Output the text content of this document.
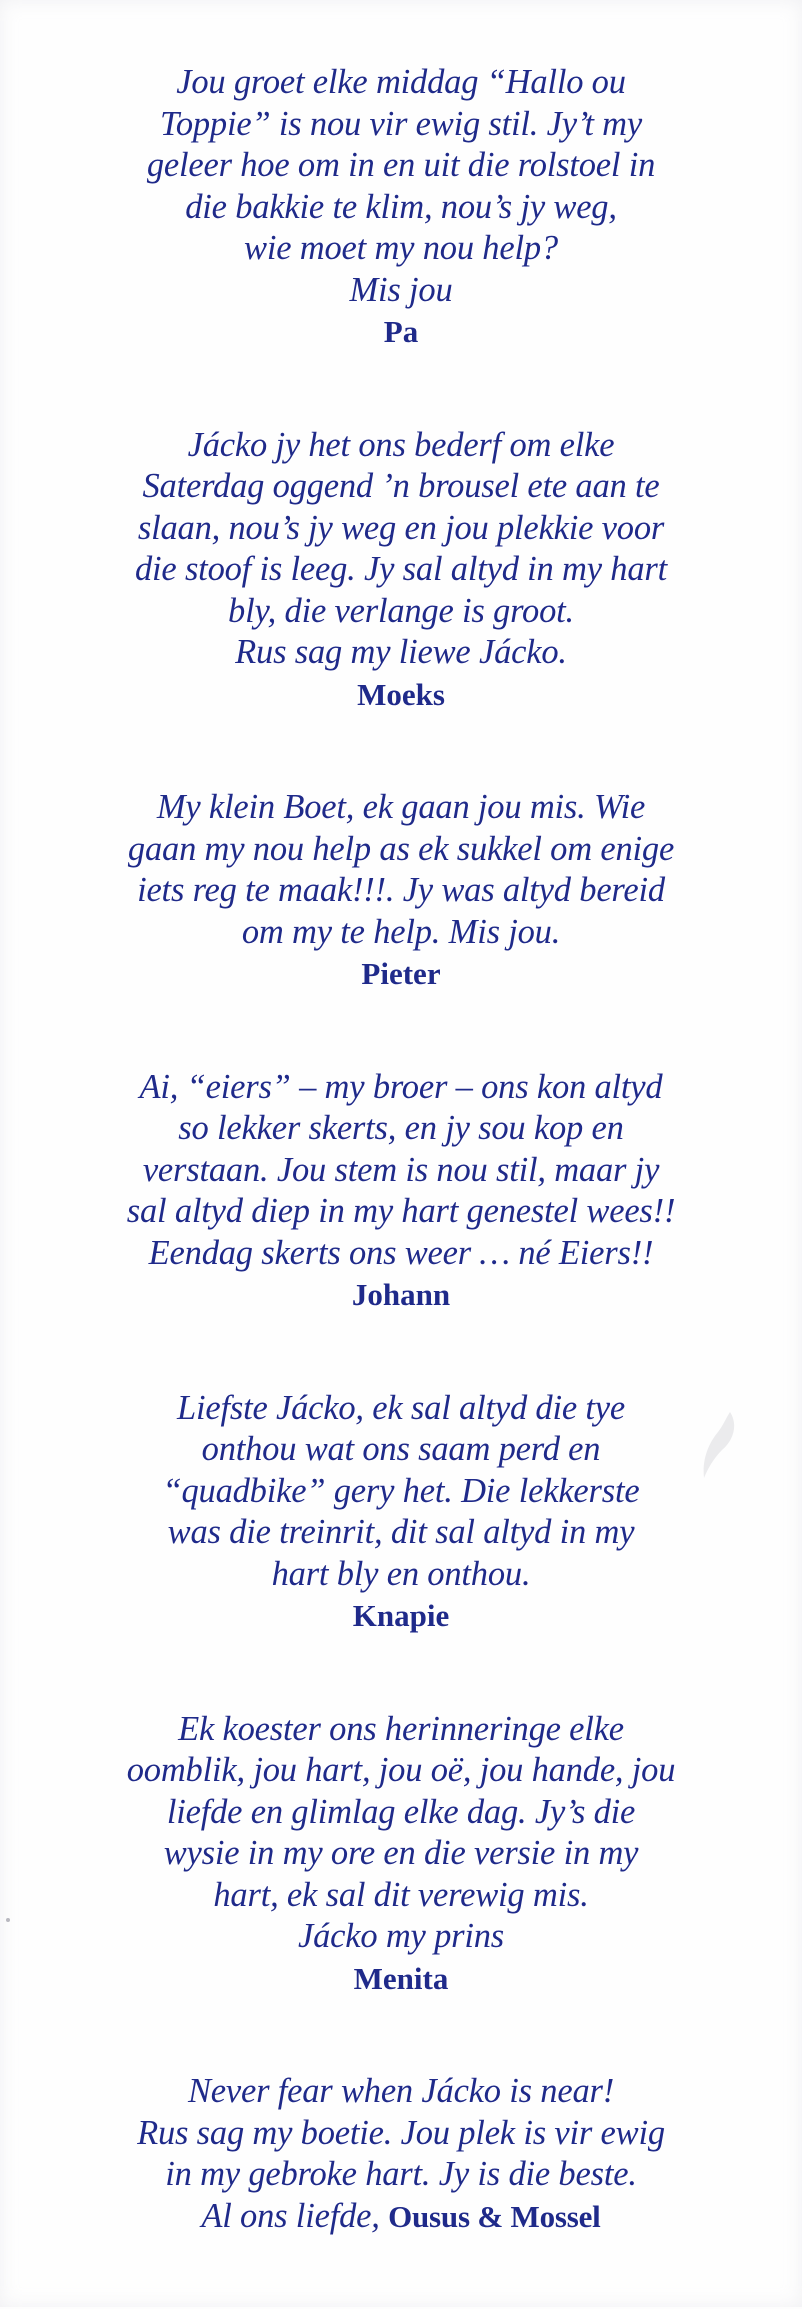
Jou groet elke middag “Hallo ou
Toppie” is nou vir ewig stil. Jy’t my
geleer hoe om in en uit die rolstoel in
die bakkie te klim, nou’s jy weg,
wie moet my nou help?
Mis jou
Pa
Jácko jy het ons bederf om elke
Saterdag oggend ’n brousel ete aan te
slaan, nou’s jy weg en jou plekkie voor
die stoof is leeg. Jy sal altyd in my hart
bly, die verlange is groot.
Rus sag my liewe Jácko.
Moeks
My klein Boet, ek gaan jou mis. Wie
gaan my nou help as ek sukkel om enige
iets reg te maak!!!. Jy was altyd bereid
om my te help. Mis jou.
Pieter
Ai, “eiers” – my broer – ons kon altyd
so lekker skerts, en jy sou kop en
verstaan. Jou stem is nou stil, maar jy
sal altyd diep in my hart genestel wees!!
Eendag skerts ons weer … né Eiers!!
Johann
Liefste Jácko, ek sal altyd die tye
onthou wat ons saam perd en
“quadbike” gery het. Die lekkerste
was die treinrit, dit sal altyd in my
hart bly en onthou.
Knapie
Ek koester ons herinneringe elke
oomblik, jou hart, jou oë, jou hande, jou
liefde en glimlag elke dag. Jy’s die
wysie in my ore en die versie in my
hart, ek sal dit verewig mis.
Jácko my prins
Menita
Never fear when Jácko is near!
Rus sag my boetie. Jou plek is vir ewig
in my gebroke hart. Jy is die beste.
Al ons liefde, Ousus & Mossel
